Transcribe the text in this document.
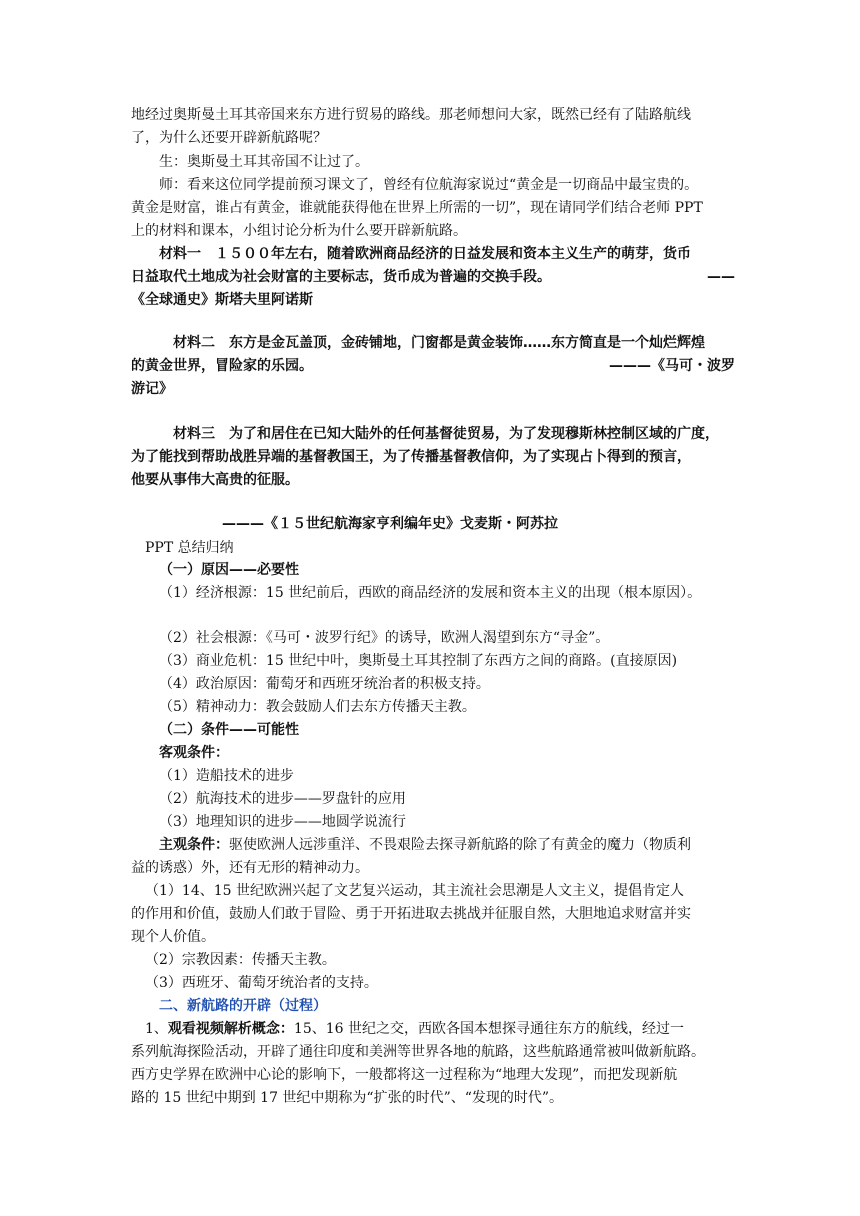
地经过奥斯曼土耳其帝国来东方进行贸易的路线。那老师想问大家，既然已经有了陆路航线
了，为什么还要开辟新航路呢？
　　生：奥斯曼土耳其帝国不让过了。
　　师：看来这位同学提前预习课文了，曾经有位航海家说过“黄金是一切商品中最宝贵的。
黄金是财富，谁占有黄金，谁就能获得他在世界上所需的一切”，现在请同学们结合老师 PPT
上的材料和课本，小组讨论分析为什么要开辟新航路。
　　材料一　１５００年左右，随着欧洲商品经济的日益发展和资本主义生产的萌芽，货币
日益取代土地成为社会财富的主要标志，货币成为普遍的交换手段。	——
《全球通史》斯塔夫里阿诺斯
　　　材料二　东方是金瓦盖顶，金砖铺地，门窗都是黄金装饰……东方简直是一个灿烂辉煌
的黄金世界，冒险家的乐园。	———《马可・波罗
游记》
　　　材料三　为了和居住在已知大陆外的任何基督徒贸易，为了发现穆斯林控制区域的广度，
为了能找到帮助战胜异端的基督教国王，为了传播基督教信仰，为了实现占卜得到的预言，
他要从事伟大高贵的征服。
———《１５世纪航海家亨利编年史》戈麦斯・阿苏拉
PPT 总结归纳
（一）原因——必要性
（1）经济根源：15 世纪前后，西欧的商品经济的发展和资本主义的出现（根本原因）。
（2）社会根源：《马可・波罗行纪》的诱导，欧洲人渴望到东方“寻金”。
（3）商业危机：15 世纪中叶，奥斯曼土耳其控制了东西方之间的商路。(直接原因)
（4）政治原因：葡萄牙和西班牙统治者的积极支持。
（5）精神动力：教会鼓励人们去东方传播天主教。
（二）条件——可能性
客观条件：
（1）造船技术的进步
（2）航海技术的进步——罗盘针的应用
（3）地理知识的进步——地圆学说流行
主观条件：驱使欧洲人远涉重洋、不畏艰险去探寻新航路的除了有黄金的魔力（物质利
益的诱惑）外，还有无形的精神动力。
（1）14、15 世纪欧洲兴起了文艺复兴运动，其主流社会思潮是人文主义，提倡肯定人
的作用和价值，鼓励人们敢于冒险、勇于开拓进取去挑战并征服自然，大胆地追求财富并实
现个人价值。
（2）宗教因素：传播天主教。
（3）西班牙、葡萄牙统治者的支持。
二、新航路的开辟（过程）
1、观看视频解析概念：15、16 世纪之交，西欧各国本想探寻通往东方的航线，经过一
系列航海探险活动，开辟了通往印度和美洲等世界各地的航路，这些航路通常被叫做新航路。
西方史学界在欧洲中心论的影响下，一般都将这一过程称为“地理大发现”，而把发现新航
路的 15 世纪中期到 17 世纪中期称为“扩张的时代”、“发现的时代”。
